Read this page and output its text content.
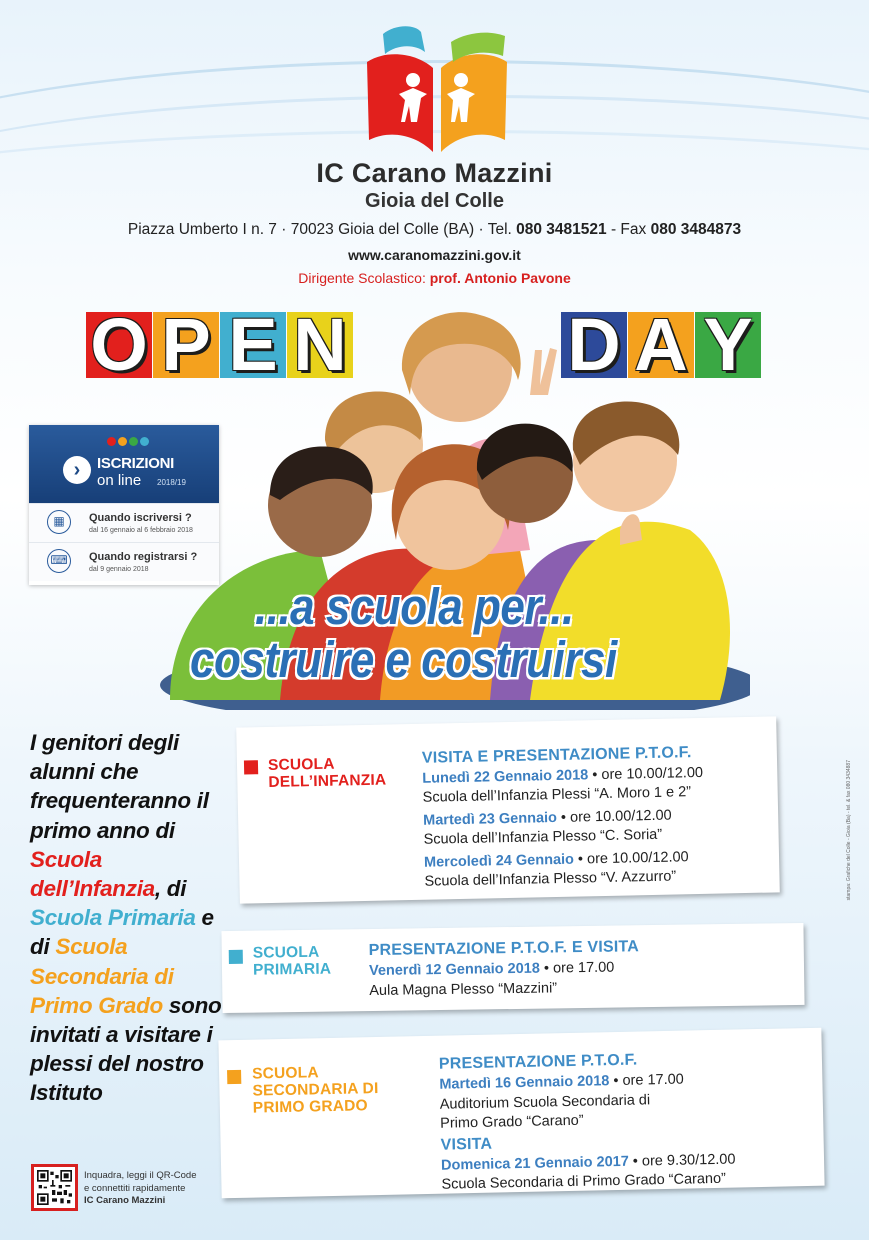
IC Carano Mazzini
Gioia del Colle
Piazza Umberto I n. 7 · 70023 Gioia del Colle (BA) · Tel. 080 3481521 - Fax 080 3484873
www.caranomazzini.gov.it
Dirigente Scolastico: prof. Antonio Pavone
O P E N	D A Y
...a scuola per...
costruire e costruirsi
›	ISCRIZIONI
on line 2018/19
▦	Quando iscriversi ?
dal 16 gennaio al 6 febbraio 2018
⌨	Quando registrarsi ?
dal 9 gennaio 2018
I genitori degli alunni che frequenteranno il primo anno di Scuola dell’Infanzia, di Scuola Primaria e di Scuola Secondaria di Primo Grado sono invitati a visitare i plessi del nostro Istituto
SCUOLA
DELL’INFANZIA
VISITA E PRESENTAZIONE P.T.O.F.
Lunedì 22 Gennaio 2018 • ore 10.00/12.00
Scuola dell’Infanzia Plessi “A. Moro 1 e 2”
Martedì 23 Gennaio • ore 10.00/12.00
Scuola dell’Infanzia Plesso “C. Soria”
Mercoledì 24 Gennaio • ore 10.00/12.00
Scuola dell’Infanzia Plesso “V. Azzurro”
SCUOLA
PRIMARIA
PRESENTAZIONE P.T.O.F. E VISITA
Venerdì 12 Gennaio 2018 • ore 17.00
Aula Magna Plesso “Mazzini”
SCUOLA
SECONDARIA DI
PRIMO GRADO
PRESENTAZIONE P.T.O.F.
Martedì 16 Gennaio 2018 • ore 17.00
Auditorium Scuola Secondaria di
Primo Grado “Carano”
VISITA
Domenica 21 Gennaio 2017 • ore 9.30/12.00
Scuola Secondaria di Primo Grado “Carano”
Inquadra, leggi il QR-Code
e connettiti rapidamente
IC Carano Mazzini
stampa: Grafiche del Colle - Gioia (Ba) - tel. & fax 080 3434887
